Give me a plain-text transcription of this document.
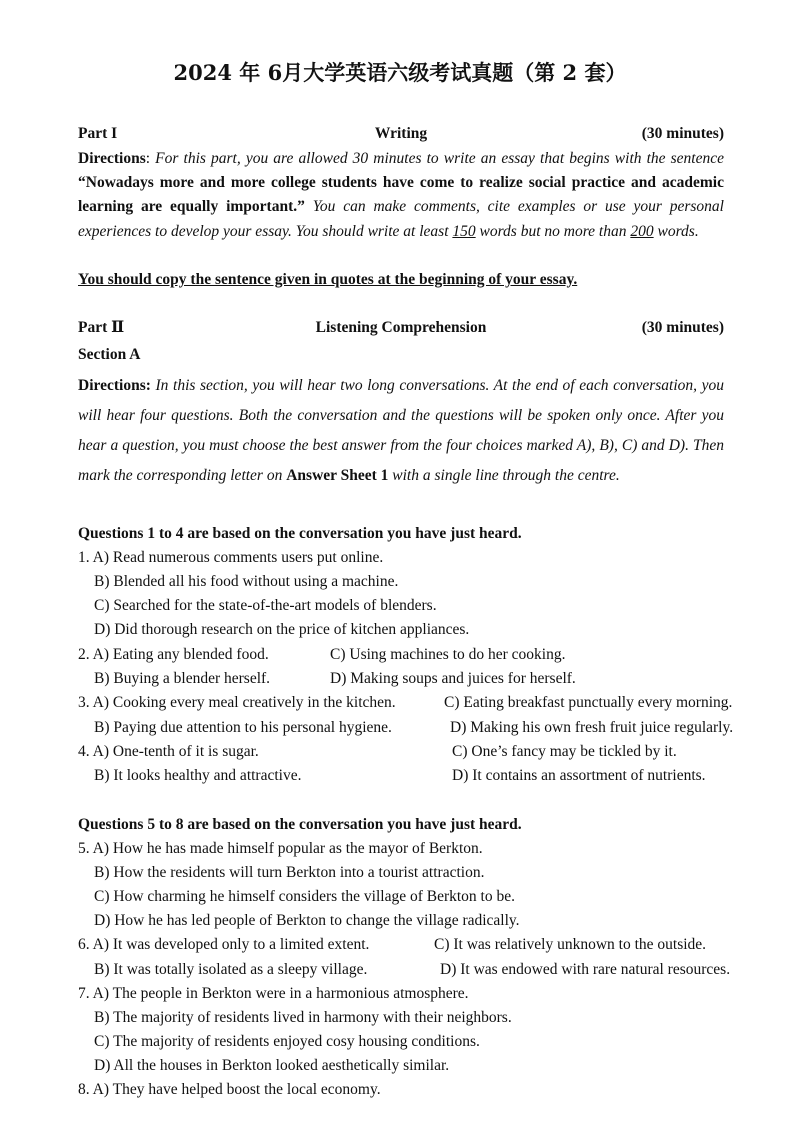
2024 年 6月大学英语六级考试真题（第 2 套）
Part I	Writing	(30 minutes)
Directions: For this part, you are allowed 30 minutes to write an essay that begins with the sentence “Nowadays more and more college students have come to realize social practice and academic learning are equally important.” You can make comments, cite examples or use your personal experiences to develop your essay. You should write at least 150 words but no more than 200 words.
You should copy the sentence given in quotes at the beginning of your essay.
Part Ⅱ	Listening Comprehension	(30 minutes)
Section A
Directions: In this section, you will hear two long conversations. At the end of each conversation, you will hear four questions. Both the conversation and the questions will be spoken only once. After you hear a question, you must choose the best answer from the four choices marked A), B), C) and D). Then mark the corresponding letter on Answer Sheet 1 with a single line through the centre.
Questions 1 to 4 are based on the conversation you have just heard.
1. A) Read numerous comments users put online.
B) Blended all his food without using a machine.
C) Searched for the state-of-the-art models of blenders.
D) Did thorough research on the price of kitchen appliances.
2. A) Eating any blended food.	C) Using machines to do her cooking.
B) Buying a blender herself.	D) Making soups and juices for herself.
3. A) Cooking every meal creatively in the kitchen.	C) Eating breakfast punctually every morning.
B) Paying due attention to his personal hygiene.	D) Making his own fresh fruit juice regularly.
4. A) One-tenth of it is sugar.	C) One’s fancy may be tickled by it.
B) It looks healthy and attractive.	D) It contains an assortment of nutrients.
Questions 5 to 8 are based on the conversation you have just heard.
5. A) How he has made himself popular as the mayor of Berkton.
B) How the residents will turn Berkton into a tourist attraction.
C) How charming he himself considers the village of Berkton to be.
D) How he has led people of Berkton to change the village radically.
6. A) It was developed only to a limited extent.	C) It was relatively unknown to the outside.
B) It was totally isolated as a sleepy village.	D) It was endowed with rare natural resources.
7. A) The people in Berkton were in a harmonious atmosphere.
B) The majority of residents lived in harmony with their neighbors.
C) The majority of residents enjoyed cosy housing conditions.
D) All the houses in Berkton looked aesthetically similar.
8. A) They have helped boost the local economy.
